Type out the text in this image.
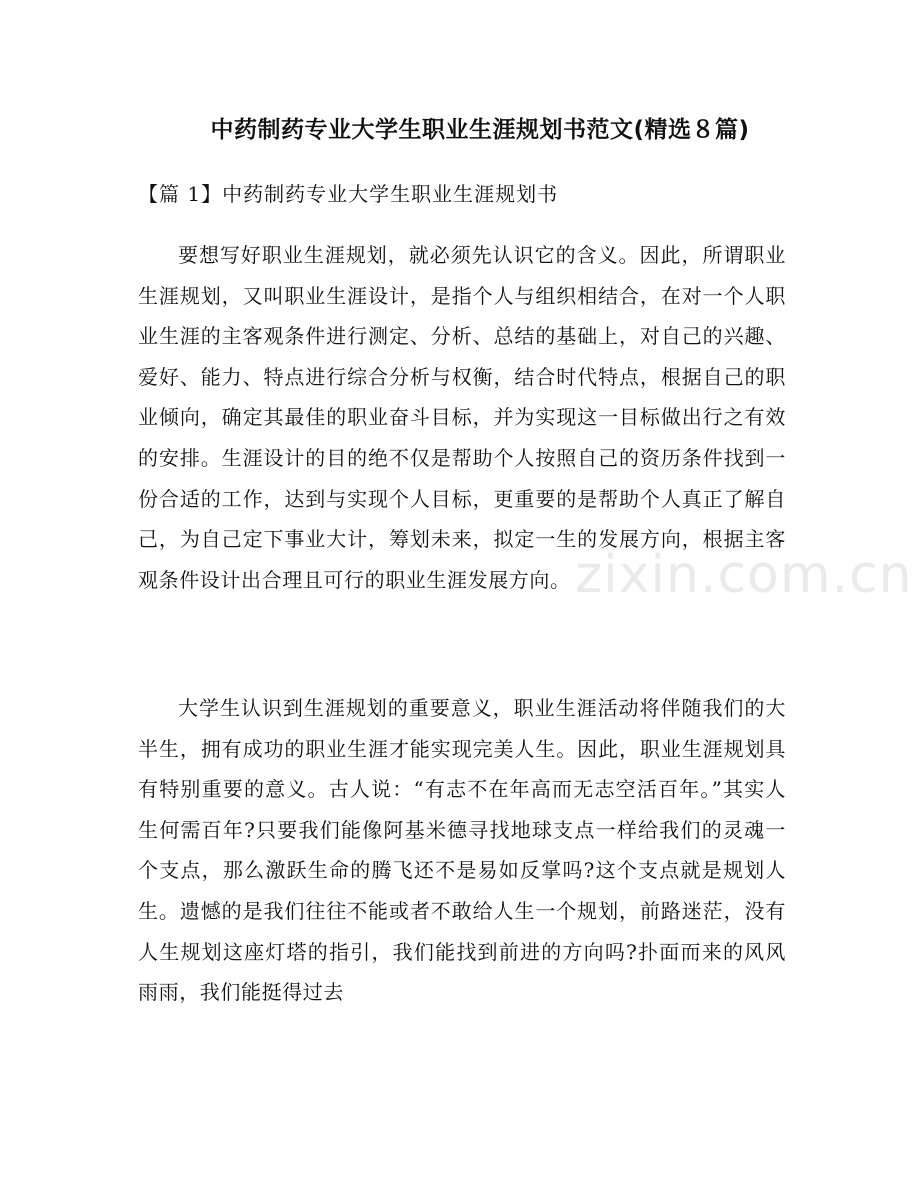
中药制药专业大学生职业生涯规划书范文(精选８篇)
【篇 1】中药制药专业大学生职业生涯规划书

要想写好职业生涯规划，就必须先认识它的含义。因此，所谓职业生涯规划，又叫职业生涯设计，是指个人与组织相结合，在对一个人职业生涯的主客观条件进行测定、分析、总结的基础上，对自己的兴趣、爱好、能力、特点进行综合分析与权衡，结合时代特点，根据自己的职业倾向，确定其最佳的职业奋斗目标，并为实现这一目标做出行之有效的安排。生涯设计的目的绝不仅是帮助个人按照自己的资历条件找到一份合适的工作，达到与实现个人目标，更重要的是帮助个人真正了解自己，为自己定下事业大计，筹划未来，拟定一生的发展方向，根据主客观条件设计出合理且可行的职业生涯发展方向。

大学生认识到生涯规划的重要意义，职业生涯活动将伴随我们的大半生，拥有成功的职业生涯才能实现完美人生。因此，职业生涯规划具有特别重要的意义。古人说：“有志不在年高而无志空活百年。”其实人生何需百年?只要我们能像阿基米德寻找地球支点一样给我们的灵魂一个支点，那么激跃生命的腾飞还不是易如反掌吗?这个支点就是规划人生。遗憾的是我们往往不能或者不敢给人生一个规划，前路迷茫，没有人生规划这座灯塔的指引，我们能找到前进的方向吗?扑面而来的风风雨雨，我们能挺得过去

zixin.com.cn
